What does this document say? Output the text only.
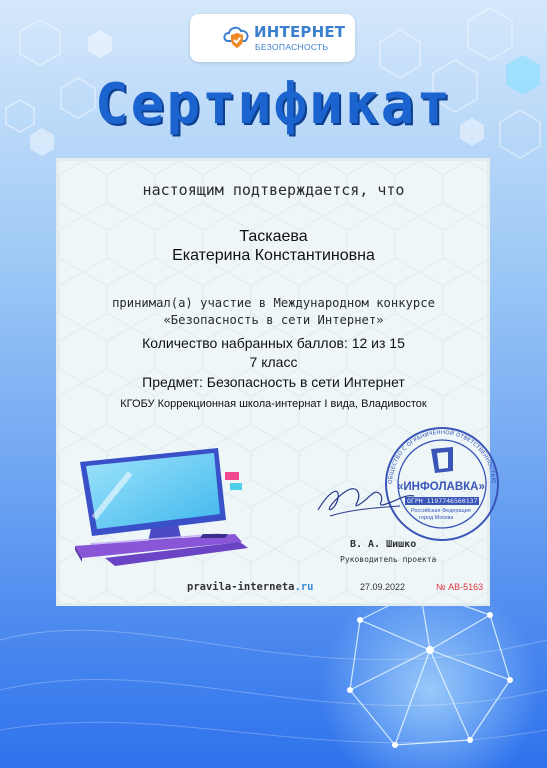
ИНТЕРНЕТ
БЕЗОПАСНОСТЬ
Сертификат
настоящим подтверждается, что
Таскаева
Екатерина Константиновна
принимал(а) участие в Международном конкурсе
«Безопасность в сети Интернет»
Количество набранных баллов: 12 из 15
7 класс
Предмет: Безопасность в сети Интернет
КГОБУ Коррекционная школа-интернат I вида, Владивосток
ОБЩЕСТВО С ОГРАНИЧЕННОЙ ОТВЕТСТВЕННОСТЬЮ
«ИНФОЛАВКА»
ОГРН 1197746560137
Российская Федерация
город Москва
В. А. Шишко
Руководитель проекта
pravila-interneta.ru	27.09.2022	№ АВ-5163
